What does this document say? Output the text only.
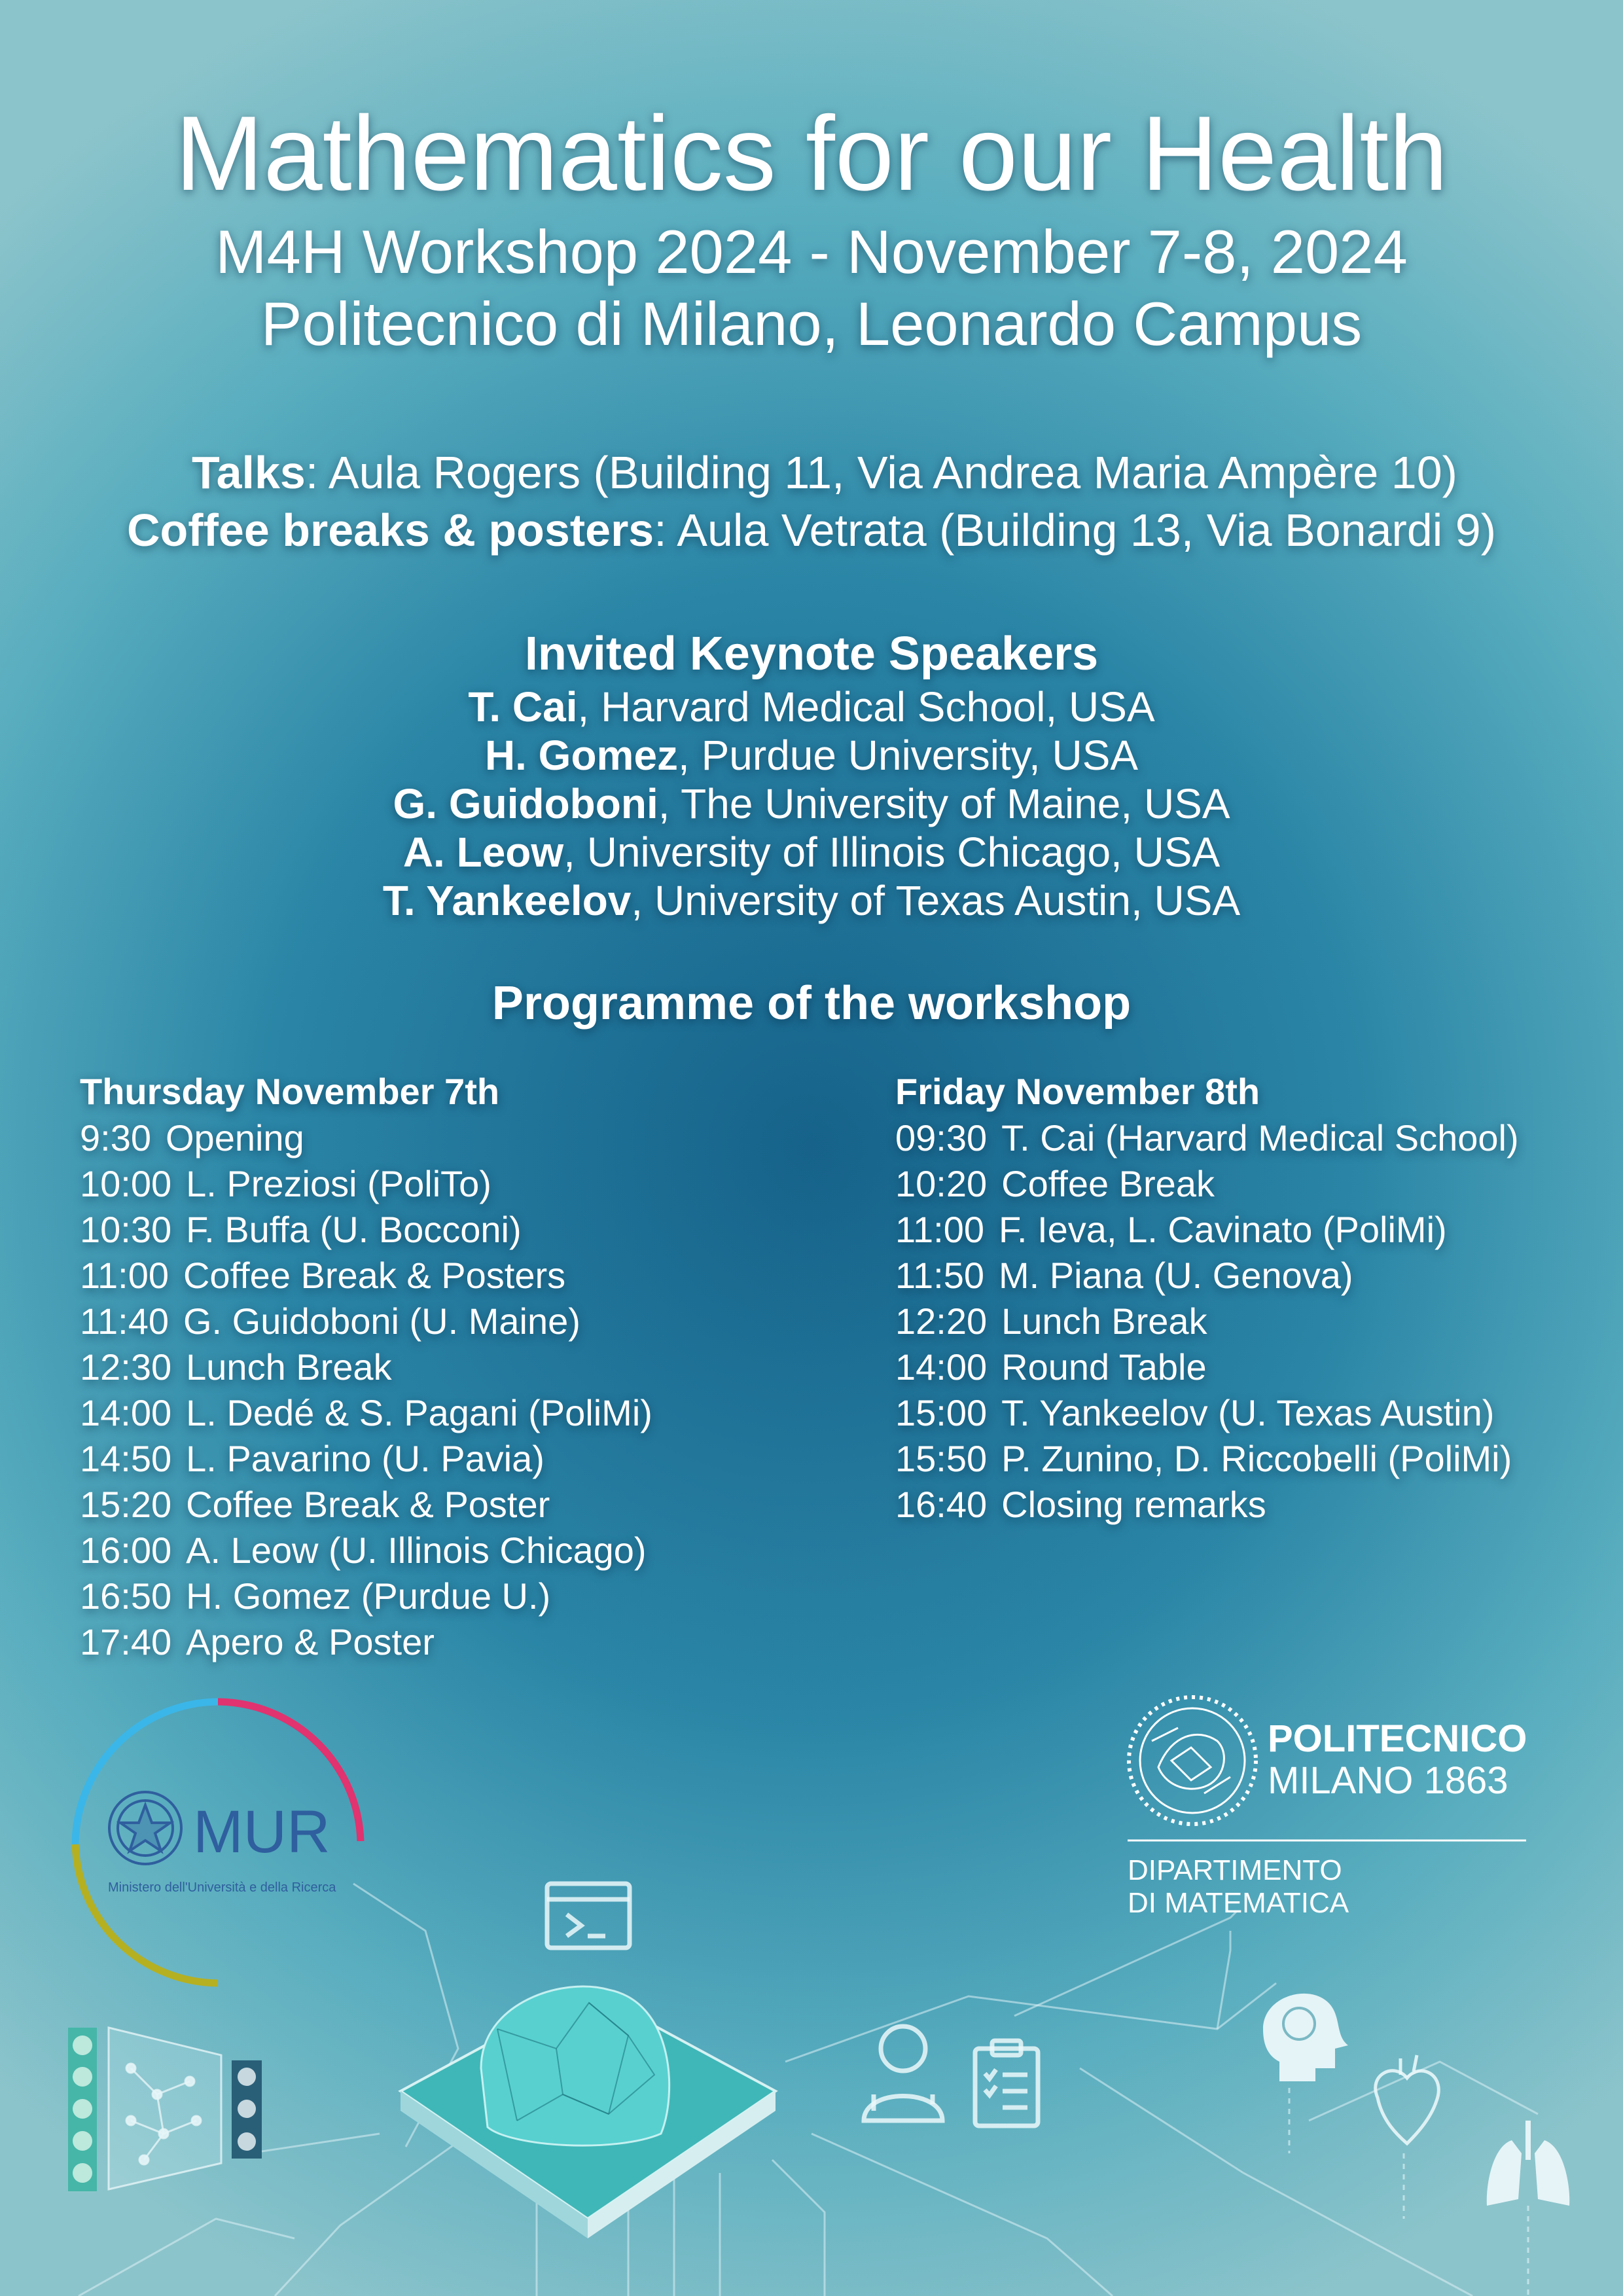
MUR
Ministero dell'Università e della Ricerca
POLITECNICO
MILANO 1863
DIPARTIMENTO
DI MATEMATICA
Mathematics for our Health
M4H Workshop 2024 - November 7-8, 2024
Politecnico di Milano, Leonardo Campus
Talks: Aula Rogers (Building 11, Via Andrea Maria Ampère 10)
Coffee breaks & posters: Aula Vetrata (Building 13, Via Bonardi 9)
Invited Keynote Speakers
T. Cai, Harvard Medical School, USA
H. Gomez, Purdue University, USA
G. Guidoboni, The University of Maine, USA
A. Leow, University of Illinois Chicago, USA
T. Yankeelov, University of Texas Austin, USA
Programme of the workshop
Thursday November 7th
9:30 Opening
10:00 L. Preziosi (PoliTo)
10:30 F. Buffa (U. Bocconi)
11:00 Coffee Break & Posters
11:40 G. Guidoboni (U. Maine)
12:30 Lunch Break
14:00 L. Dedé & S. Pagani (PoliMi)
14:50 L. Pavarino (U. Pavia)
15:20 Coffee Break & Poster
16:00 A. Leow (U. Illinois Chicago)
16:50 H. Gomez (Purdue U.)
17:40 Apero & Poster
Friday November 8th
09:30 T. Cai (Harvard Medical School)
10:20 Coffee Break
11:00 F. Ieva, L. Cavinato (PoliMi)
11:50 M. Piana (U. Genova)
12:20 Lunch Break
14:00 Round Table
15:00 T. Yankeelov (U. Texas Austin)
15:50 P. Zunino, D. Riccobelli (PoliMi)
16:40 Closing remarks
